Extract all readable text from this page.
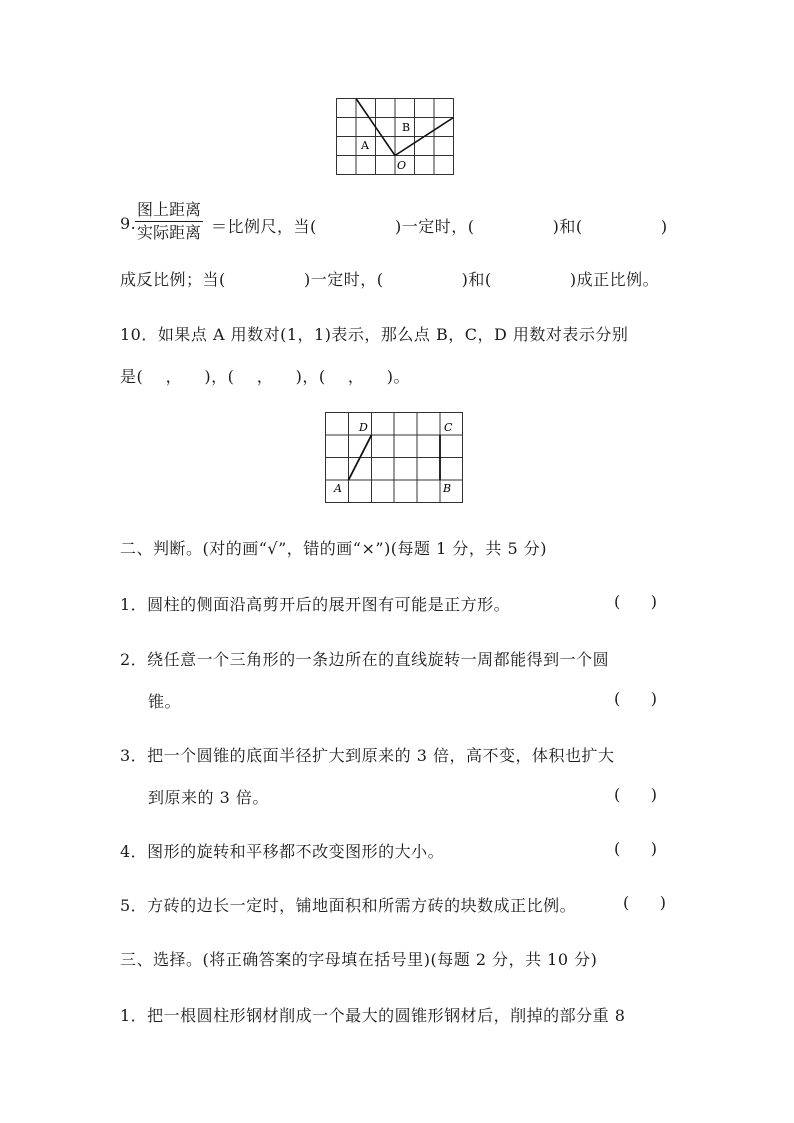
A
B
O
9.
图上距离
实际距离 ＝比例尺，当(              )一定时，(              )和(              )
成反比例；当(              )一定时，(              )和(              )成正比例。
10．如果点 A 用数对(1，1)表示，那么点 B，C，D 用数对表示分别
是(    ，    )，(    ，    )，(    ，    )。
A	B
C
D
二、判断。(对的画“√”，错的画“×”)(每题 1 分，共 5 分)
1．圆柱的侧面沿高剪开后的展开图有可能是正方形。	(      )
2．绕任意一个三角形的一条边所在的直线旋转一周都能得到一个圆
锥。	(      )
3．把一个圆锥的底面半径扩大到原来的 3 倍，高不变，体积也扩大
到原来的 3 倍。	(      )
4．图形的旋转和平移都不改变图形的大小。	(      )
5．方砖的边长一定时，铺地面积和所需方砖的块数成正比例。	(      )
三、选择。(将正确答案的字母填在括号里)(每题 2 分，共 10 分)
1．把一根圆柱形钢材削成一个最大的圆锥形钢材后，削掉的部分重 8
